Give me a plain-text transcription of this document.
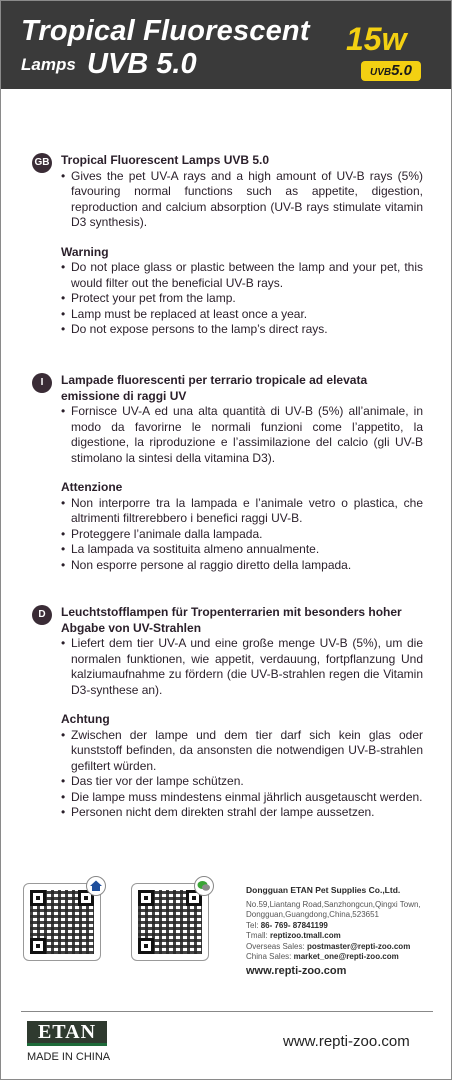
Tropical Fluorescent
Lamps UVB 5.0
15w
UVB5.0
GB Tropical Fluorescent Lamps UVB 5.0
• Gives the pet UV-A rays and a high amount of UV-B rays (5%) favouring normal functions such as appetite, digestion, reproduction and calcium absorption (UV-B rays stimulate vitamin D3 synthesis).
Warning
• Do not place glass or plastic between the lamp and your pet, this would filter out the beneficial UV-B rays.
• Protect your pet from the lamp.
• Lamp must be replaced at least once a year.
• Do not expose persons to the lamp’s direct rays.
I	Lampade fluorescenti per terrario tropicale ad elevata emissione di raggi UV
• Fornisce UV-A ed una alta quantità di UV-B (5%) all’animale, in modo da favorirne le normali funzioni come l’appetito, la digestione, la riproduzione e l’assimilazione del calcio (gli UV-B stimolano la sintesi della vitamina D3).
Attenzione
• Non interporre tra la lampada e l’animale vetro o plastica, che altrimenti filtrerebbero i benefici raggi UV-B.
• Proteggere l’animale dalla lampada.
• La lampada va sostituita almeno annualmente.
• Non esporre persone al raggio diretto della lampada.
D	Leuchtstofflampen für Tropenterrarien mit besonders hoher Abgabe von UV-Strahlen
• Liefert dem tier UV-A und eine große menge UV-B (5%), um die normalen funktionen, wie appetit, verdauung, fortpflanzung Und kalziumaufnahme zu fördern (die UV-B-strahlen regen die Vitamin D3-synthese an).
Achtung
• Zwischen der lampe und dem tier darf sich kein glas oder kunststoff befinden, da ansonsten die notwendigen UV-B-strahlen gefiltert würden.
• Das tier vor der lampe schützen.
• Die lampe muss mindestens einmal jährlich ausgetauscht werden.
• Personen nicht dem direkten strahl der lampe aussetzen.
Dongguan ETAN Pet Supplies Co.,Ltd.
No.59,Liantang Road,Sanzhongcun,Qingxi Town,
Dongguan,Guangdong,China,523651
Tel: 86- 769- 87841199
Tmall: reptizoo.tmall.com
Overseas Sales: postmaster@repti-zoo.com
China Sales: market_one@repti-zoo.com
www.repti-zoo.com
ETAN
MADE IN CHINA
www.repti-zoo.com
